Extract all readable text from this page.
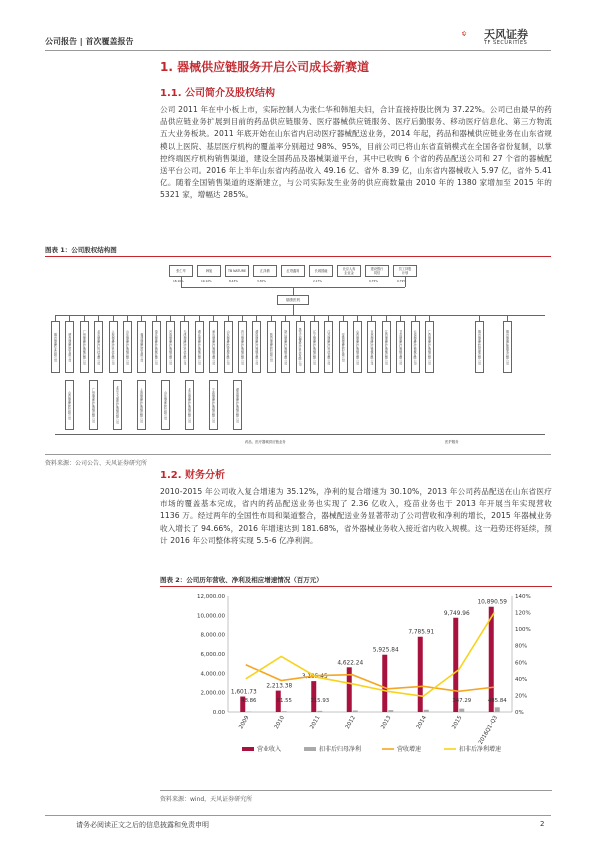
公司报告 | 首次覆盖报告
天风证券
TF SECURITIES
1. 器械供应链服务开启公司成长新赛道
1.1. 公司简介及股权结构
公司 2011 年在中小板上市，实际控制人为张仁华和韩旭夫妇，合计直接持股比例为 37.22%。公司已由最早的药品供应链业务扩展到目前的药品供应链服务、医疗器械供应链服务、医疗后勤服务、移动医疗信息化、第三方物流五大业务板块。2011 年底开始在山东省内启动医疗器械配送业务，2014 年起，药品和器械供应链业务在山东省规模以上医院、基层医疗机构的覆盖率分别超过 98%、95%，目前公司已将山东省直销模式在全国各省份复制，以掌控终端医疗机构销售渠道，建设全国药品及器械渠道平台，其中已收购 6 个省的药品配送公司和 27 个省的器械配送平台公司。2016 年上半年山东省内药品收入 49.16 亿、省外 8.39 亿，山东省内器械收入 5.97 亿，省外 5.41 亿。随着全国销售渠道的逐渐建立，与公司实际发生业务的供应商数量由 2010 年的 1380 家增加至 2015 年的 5321 家，增幅达 285%。
图表 1：公司股权结构图
张仁华	韩旭	TB NATURE	汇泽鼎	红塔鑫易	长城国融	北京人寿
企业金
建设银行
同信
员工持股
计划
18.10%	19.12%	8.43%	3.30%	2.17%	0.75%	0.79%
瑞康医药
烟台瑞康药业有限公司	德州瑞康医药有限公司	广州瑞康医疗器械有限公司	北京瑞康医疗科技有限公司	上海瑞康医疗科技有限公司	山东瑞康医疗器械有限公司	福建瑞康医药有限公司	南京瑞康医疗器械有限公司	河南瑞康医疗器械有限公司	天津瑞康医疗科技有限公司	湖北瑞康医疗器械有限公司	重庆瑞康医疗器械有限公司	山东瑞康医院管理有限公司	四川瑞康医疗器械有限公司	湖南瑞康医疗器械有限公司	陕西瑞康医药有限公司	浙江瑞康医疗器械有限公司	黑龙江瑞康医疗科技有限公司	辽宁瑞康医疗器械有限公司	江苏瑞康医疗科技有限公司	安徽瑞康医药有限公司	山西瑞康医疗器械有限公司	吉林瑞康医疗器械有限公司	江西瑞康医疗器械有限公司	甘肃瑞康医疗器械有限公司	云南瑞康医疗器械有限公司	广西瑞康医疗器械有限公司	烟台瑞康医院管理有限公司	烟台瑞康护理服务有限公司
山西瑞康医药有限公司	广州康泰医疗器械有限公司	北京天力康医疗器械有限公司	上海瑞康医疗器械有限公司	山东瑞泰医药有限公司	北京瑞康医疗器械有限公司	宁波瑞康医疗器械有限公司	湖南瑞康医疗器械有限公司
药品、医疗器械供应链业务	医护服务
资料来源：公司公告、天风证券研究所
1.2. 财务分析
2010-2015 年公司收入复合增速为 35.12%，净利的复合增速为 30.10%，2013 年公司药品配送在山东省医疗市场的覆盖基本完成，省内的药品配送业务也实现了 2.36 亿收入，疫苗业务也于 2013 年开展当年实现营收 1136 万。经过两年的全国性布局和渠道整合，器械配送业务显著带动了公司营收和净利的增长，2015 年器械业务收入增长了 94.66%，2016 年增速达到 181.68%，省外器械业务收入接近省内收入规模。这一趋势还将延续，预计 2016 年公司整体将实现 5.5-6 亿净利润。
图表 2：公司历年营收、净利及相应增速情况（百万元）
0.00
2,000.00
4,000.00
6,000.00
8,000.00
10,000.00
12,000.00
0%
20%
40%
60%
80%
100%
120%
140%
1,601.73
48.86
2009
2,213.38
81.55
2010
3,195.45
115.93
2011
4,622.24
2012
5,925.84
2013
7,785.91
2014
9,749.96
347.29
2015
10,890.59
485.84
2016Q1-Q3
营业收入	扣非后归母净利	营收增速	扣非后净利增速
资料来源：wind，天风证券研究所
请务必阅读正文之后的信息披露和免责申明	2
